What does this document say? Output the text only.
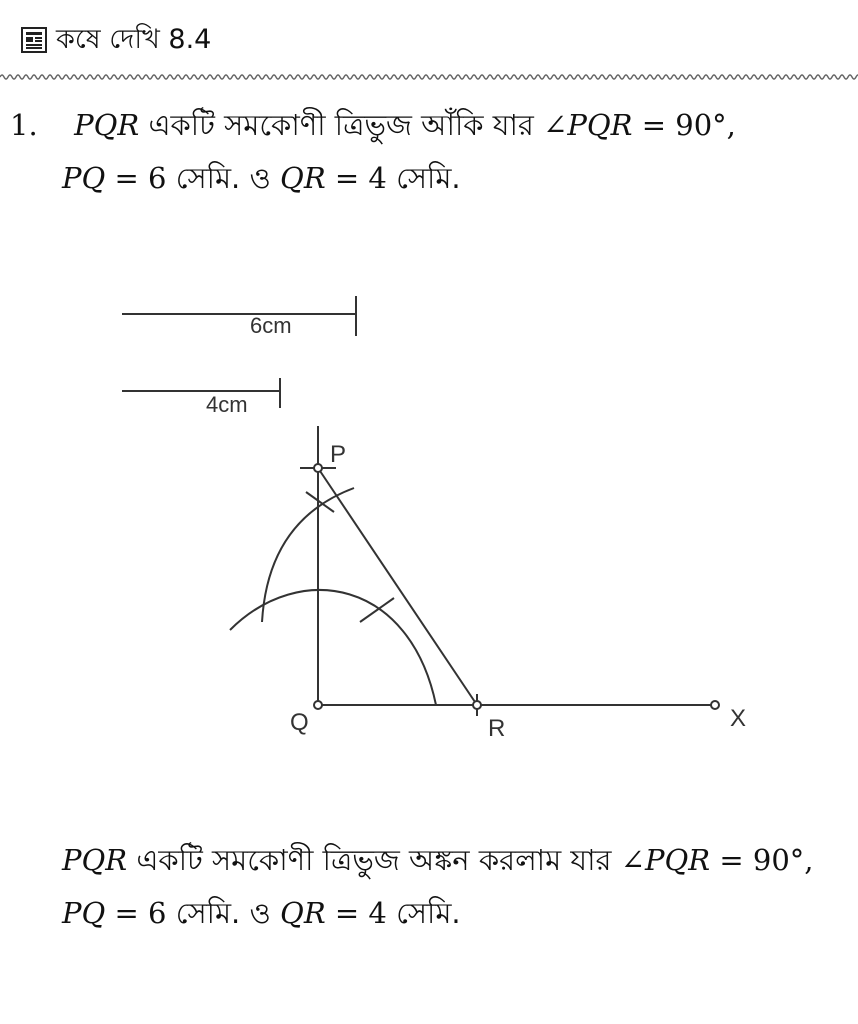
কষে দেখি 8.4
1. PQR একটি সমকোণী ত্রিভুজ আঁকি যার ∠PQR = 90°,
PQ = 6 সেমি. ও QR = 4 সেমি.
6cm
4cm
P
Q	R	X
PQR একটি সমকোণী ত্রিভুজ অঙ্কন করলাম যার ∠PQR = 90°,
PQ = 6 সেমি. ও QR = 4 সেমি.
